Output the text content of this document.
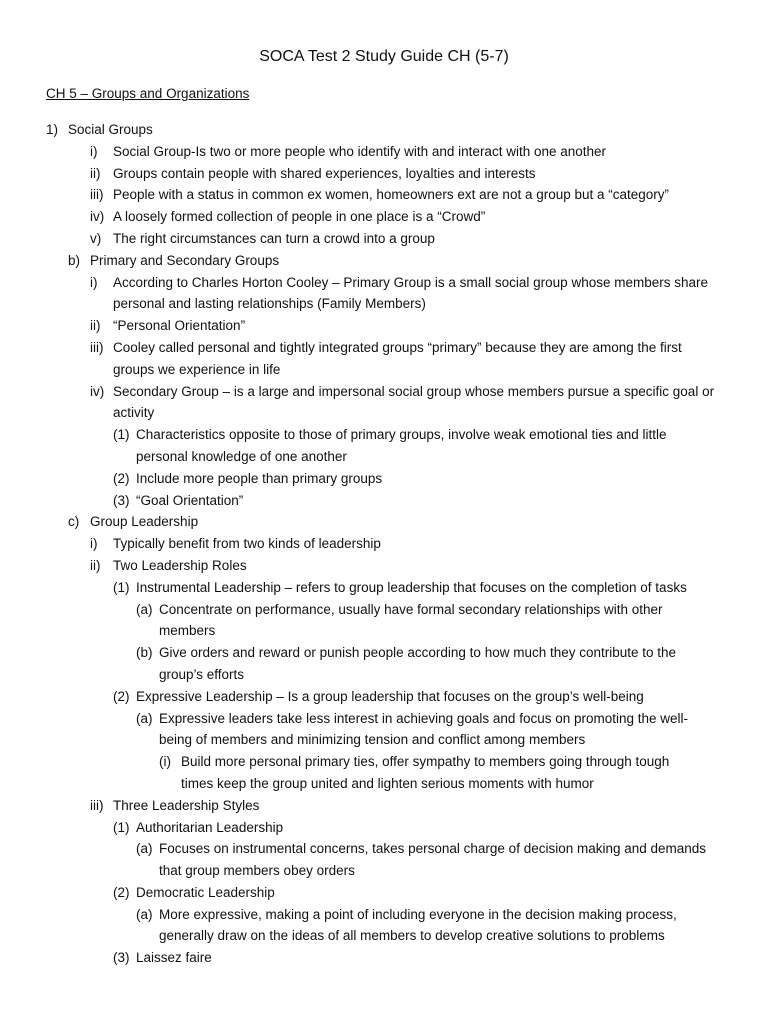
SOCA Test 2 Study Guide CH (5-7)
CH 5 – Groups and Organizations
1) Social Groups
i) Social Group-Is two or more people who identify with and interact with one another
ii) Groups contain people with shared experiences, loyalties and interests
iii) People with a status in common ex women, homeowners ext are not a group but a “category”
iv) A loosely formed collection of people in one place is a “Crowd”
v) The right circumstances can turn a crowd into a group
b) Primary and Secondary Groups
i) According to Charles Horton Cooley – Primary Group is a small social group whose members share
personal and lasting relationships (Family Members)
ii) “Personal Orientation”
iii) Cooley called personal and tightly integrated groups “primary” because they are among the first
groups we experience in life
iv) Secondary Group – is a large and impersonal social group whose members pursue a specific goal or
activity
(1) Characteristics opposite to those of primary groups, involve weak emotional ties and little
personal knowledge of one another
(2) Include more people than primary groups
(3) “Goal Orientation”
c) Group Leadership
i) Typically benefit from two kinds of leadership
ii) Two Leadership Roles
(1) Instrumental Leadership – refers to group leadership that focuses on the completion of tasks
(a) Concentrate on performance, usually have formal secondary relationships with other
members
(b) Give orders and reward or punish people according to how much they contribute to the
group’s efforts
(2) Expressive Leadership – Is a group leadership that focuses on the group’s well-being
(a) Expressive leaders take less interest in achieving goals and focus on promoting the well-
being of members and minimizing tension and conflict among members
(i) Build more personal primary ties, offer sympathy to members going through tough
times keep the group united and lighten serious moments with humor
iii) Three Leadership Styles
(1) Authoritarian Leadership
(a) Focuses on instrumental concerns, takes personal charge of decision making and demands
that group members obey orders
(2) Democratic Leadership
(a) More expressive, making a point of including everyone in the decision making process,
generally draw on the ideas of all members to develop creative solutions to problems
(3) Laissez faire
